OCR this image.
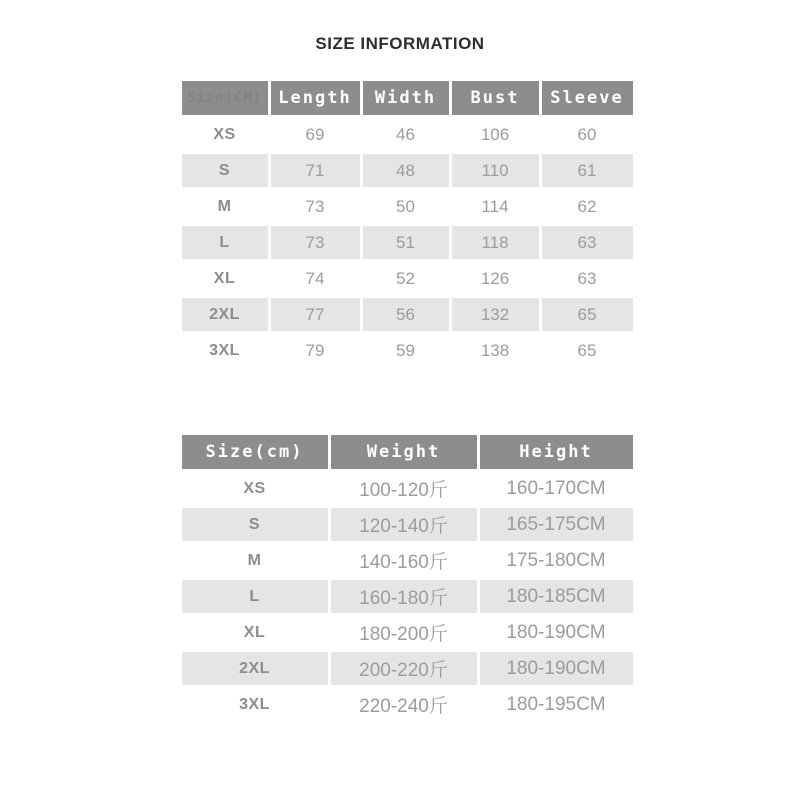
SIZE INFORMATION
Size(CM)	Length	Width	Bust	Sleeve
XS	69	46	106	60
S	71	48	110	61
M	73	50	114	62
L	73	51	118	63
XL	74	52	126	63
2XL	77	56	132	65
3XL	79	59	138	65
Size(cm)	Weight	Height
XS	100-120斤	160-170CM
S	120-140斤	165-175CM
M	140-160斤	175-180CM
L	160-180斤	180-185CM
XL	180-200斤	180-190CM
2XL	200-220斤	180-190CM
3XL	220-240斤	180-195CM
